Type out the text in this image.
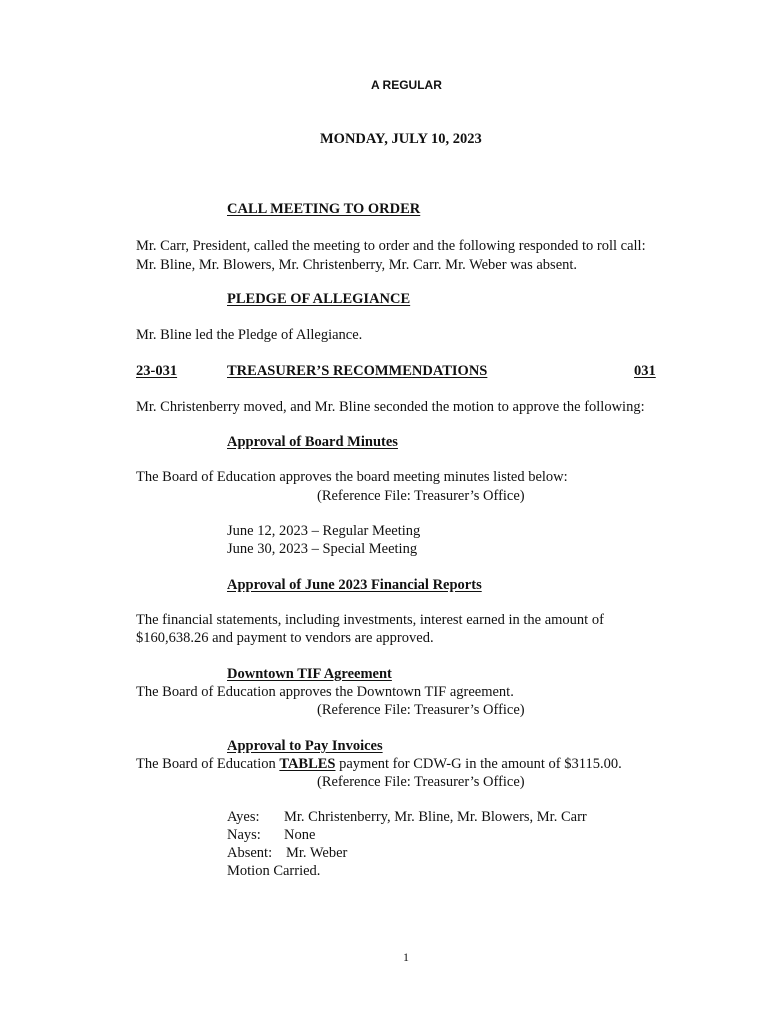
A REGULAR
MONDAY, JULY 10, 2023
CALL MEETING TO ORDER
Mr. Carr, President, called the meeting to order and the following responded to roll call:
Mr. Bline, Mr. Blowers, Mr. Christenberry, Mr. Carr. Mr. Weber was absent.
PLEDGE OF ALLEGIANCE
Mr. Bline led the Pledge of Allegiance.
23-031	TREASURER’S RECOMMENDATIONS	031
Mr. Christenberry moved, and Mr. Bline seconded the motion to approve the following:
Approval of Board Minutes
The Board of Education approves the board meeting minutes listed below:
(Reference File: Treasurer’s Office)
June 12, 2023 – Regular Meeting
June 30, 2023 – Special Meeting
Approval of June 2023 Financial Reports
The financial statements, including investments, interest earned in the amount of
$160,638.26 and payment to vendors are approved.
Downtown TIF Agreement
The Board of Education approves the Downtown TIF agreement.
(Reference File: Treasurer’s Office)
Approval to Pay Invoices
The Board of Education TABLES payment for CDW-G in the amount of $3115.00.
(Reference File: Treasurer’s Office)
Ayes: Mr. Christenberry, Mr. Bline, Mr. Blowers, Mr. Carr
Nays: None
Absent: Mr. Weber
Motion Carried.
1
